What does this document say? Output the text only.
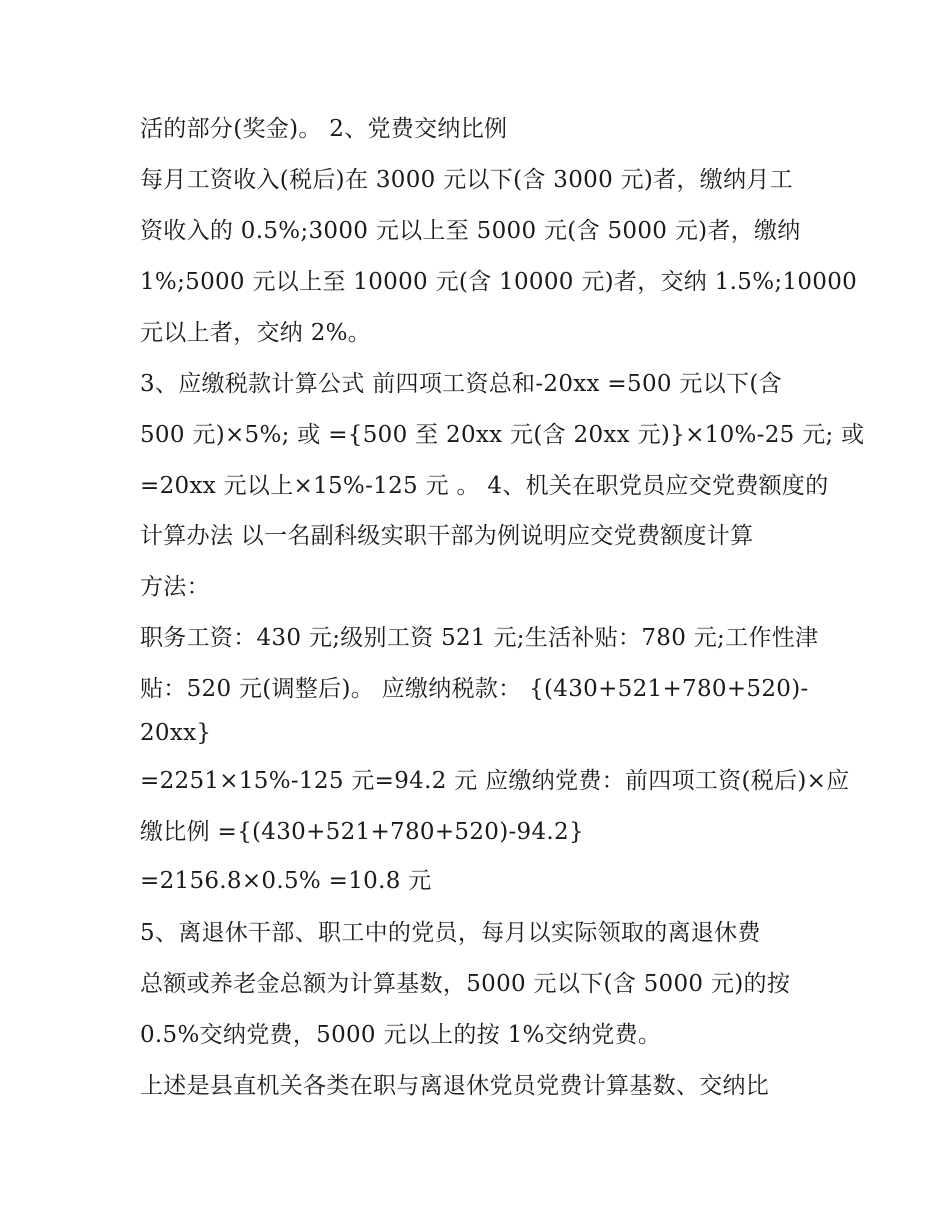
活的部分(奖金)。 2、党费交纳比例
每月工资收入(税后)在 3000 元以下(含 3000 元)者，缴纳月工
资收入的 0.5%;3000 元以上至 5000 元(含 5000 元)者，缴纳
1%;5000 元以上至 10000 元(含 10000 元)者，交纳 1.5%;10000
元以上者，交纳 2%。
3、应缴税款计算公式 前四项工资总和-20xx =500 元以下(含
500 元)×5%; 或 ={500 至 20xx 元(含 20xx 元)}×10%-25 元; 或
=20xx 元以上×15%-125 元 。 4、机关在职党员应交党费额度的
计算办法 以一名副科级实职干部为例说明应交党费额度计算
方法：
职务工资：430 元;级别工资 521 元;生活补贴：780 元;工作性津
贴：520 元(调整后)。 应缴纳税款： {(430+521+780+520)-
20xx}
=2251×15%-125 元=94.2 元 应缴纳党费：前四项工资(税后)×应
缴比例 ={(430+521+780+520)-94.2}
=2156.8×0.5% =10.8 元
5、离退休干部、职工中的党员，每月以实际领取的离退休费
总额或养老金总额为计算基数，5000 元以下(含 5000 元)的按
0.5%交纳党费，5000 元以上的按 1%交纳党费。
上述是县直机关各类在职与离退休党员党费计算基数、交纳比
